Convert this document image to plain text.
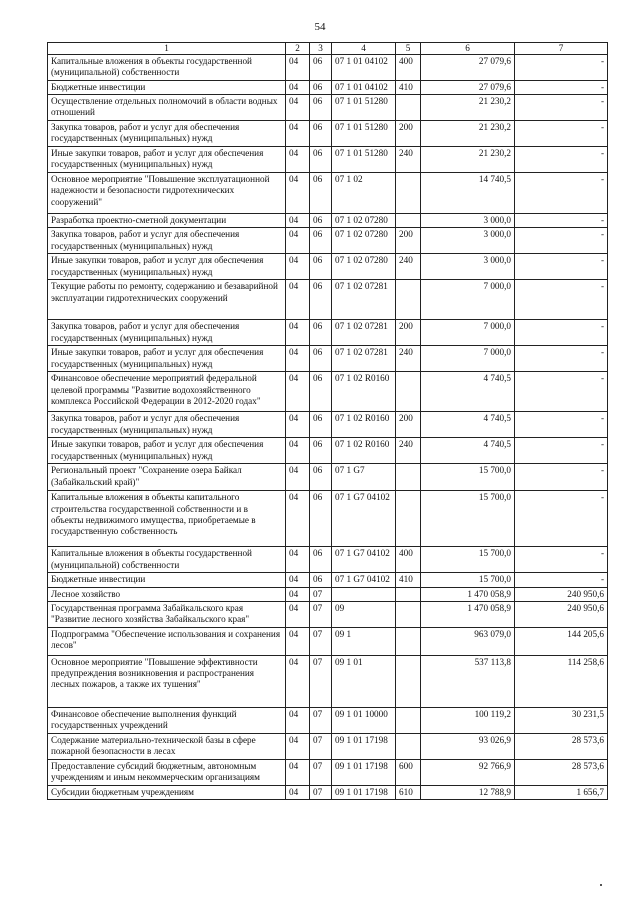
54
1	2	3	4	5	6	7
Капитальные вложения в объекты государственной (муниципальной) собственности	04	06	07 1 01 04102	400	27 079,6	-
Бюджетные инвестиции	04	06	07 1 01 04102	410	27 079,6	-
Осуществление отдельных полномочий в области водных отношений	04	06	07 1 01 51280		21 230,2	-
Закупка товаров, работ и услуг для обеспечения государственных (муниципальных) нужд	04	06	07 1 01 51280	200	21 230,2	-
Иные закупки товаров, работ и услуг для обеспечения государственных (муниципальных) нужд	04	06	07 1 01 51280	240	21 230,2	-
Основное мероприятие "Повышение эксплуатационной надежности и безопасности гидротехнических сооружений"	04	06	07 1 02		14 740,5	-
Разработка проектно-сметной документации	04	06	07 1 02 07280		3 000,0	-
Закупка товаров, работ и услуг для обеспечения государственных (муниципальных) нужд	04	06	07 1 02 07280	200	3 000,0	-
Иные закупки товаров, работ и услуг для обеспечения государственных (муниципальных) нужд	04	06	07 1 02 07280	240	3 000,0	-
Текущие работы по ремонту, содержанию и безаварийной эксплуатации гидротехнических сооружений	04	06	07 1 02 07281		7 000,0	-
Закупка товаров, работ и услуг для обеспечения государственных (муниципальных) нужд	04	06	07 1 02 07281	200	7 000,0	-
Иные закупки товаров, работ и услуг для обеспечения государственных (муниципальных) нужд	04	06	07 1 02 07281	240	7 000,0	-
Финансовое обеспечение мероприятий федеральной целевой программы "Развитие водохозяйственного комплекса Российской Федерации в 2012-2020 годах"	04	06	07 1 02 R0160		4 740,5	-
Закупка товаров, работ и услуг для обеспечения государственных (муниципальных) нужд	04	06	07 1 02 R0160	200	4 740,5	-
Иные закупки товаров, работ и услуг для обеспечения государственных (муниципальных) нужд	04	06	07 1 02 R0160	240	4 740,5	-
Региональный проект "Сохранение озера Байкал (Забайкальский край)"	04	06	07 1 G7		15 700,0	-
Капитальные вложения в объекты капитального строительства государственной собственности и в объекты недвижимого имущества, приобретаемые в государственную собственность	04	06	07 1 G7 04102		15 700,0	-
Капитальные вложения в объекты государственной (муниципальной) собственности	04	06	07 1 G7 04102	400	15 700,0	-
Бюджетные инвестиции	04	06	07 1 G7 04102	410	15 700,0	-
Лесное хозяйство	04	07			1 470 058,9	240 950,6
Государственная программа Забайкальского края "Развитие лесного хозяйства Забайкальского края"	04	07	09		1 470 058,9	240 950,6
Подпрограмма "Обеспечение использования и сохранения лесов"	04	07	09 1		963 079,0	144 205,6
Основное мероприятие "Повышение эффективности предупреждения возникновения и распространения лесных пожаров, а также их тушения"	04	07	09 1 01		537 113,8	114 258,6
Финансовое обеспечение выполнения функций государственных учреждений	04	07	09 1 01 10000		100 119,2	30 231,5
Содержание материально-технической базы в сфере пожарной безопасности в лесах	04	07	09 1 01 17198		93 026,9	28 573,6
Предоставление субсидий бюджетным, автономным учреждениям и иным некоммерческим организациям	04	07	09 1 01 17198	600	92 766,9	28 573,6
Субсидии бюджетным учреждениям	04	07	09 1 01 17198	610	12 788,9	1 656,7
